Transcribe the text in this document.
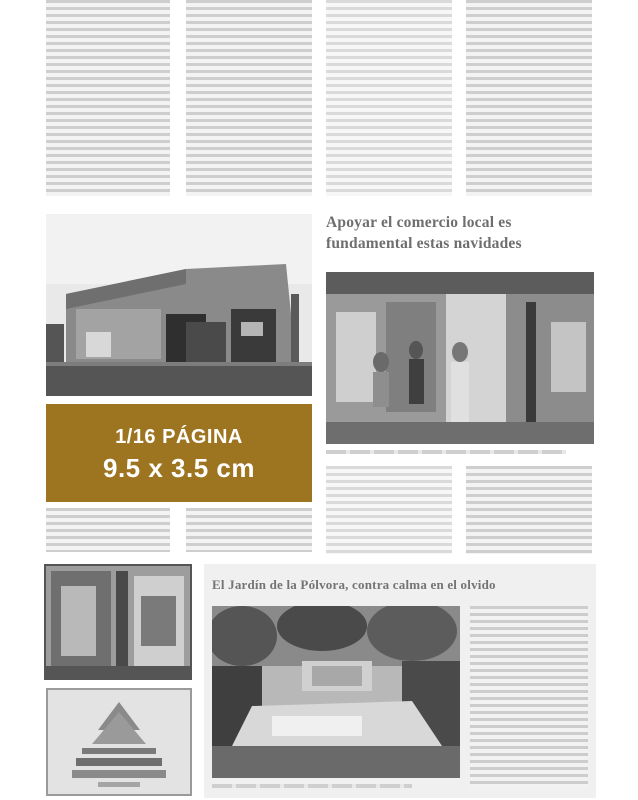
1/16 PÁGINA
9.5 x 3.5 cm
Apoyar el comercio local es
fundamental estas navidades
El Jardín de la Pólvora, contra calma en el olvido
